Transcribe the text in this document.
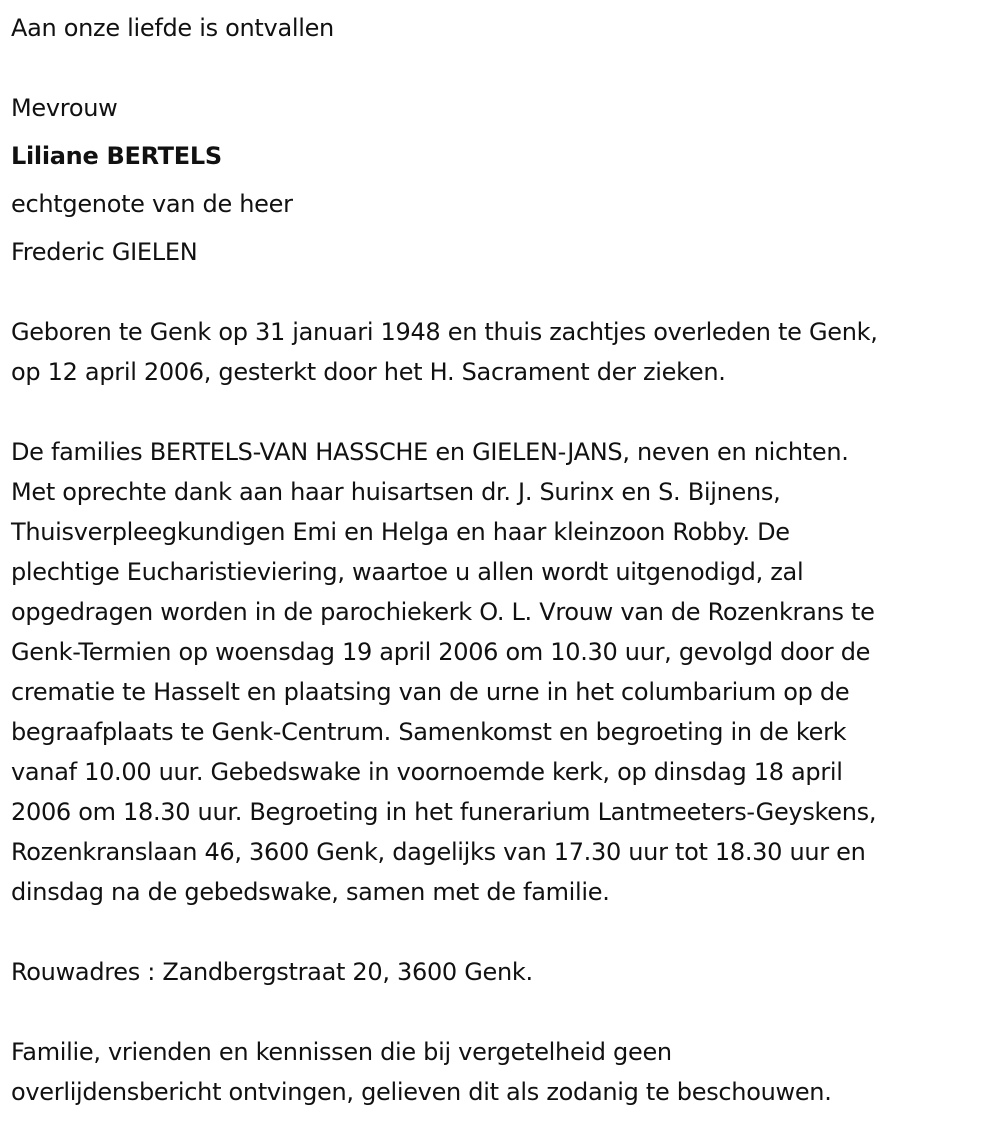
Aan onze liefde is ontvallen

Mevrouw

Liliane BERTELS

echtgenote van de heer

Frederic GIELEN

Geboren te Genk op 31 januari 1948 en thuis zachtjes overleden te Genk,
op 12 april 2006, gesterkt door het H. Sacrament der zieken.
De families BERTELS-VAN HASSCHE en GIELEN-JANS, neven en nichten.
Met oprechte dank aan haar huisartsen dr. J. Surinx en S. Bijnens,
Thuisverpleegkundigen Emi en Helga en haar kleinzoon Robby. De
plechtige Eucharistieviering, waartoe u allen wordt uitgenodigd, zal
opgedragen worden in de parochiekerk O. L. Vrouw van de Rozenkrans te
Genk-Termien op woensdag 19 april 2006 om 10.30 uur, gevolgd door de
crematie te Hasselt en plaatsing van de urne in het columbarium op de
begraafplaats te Genk-Centrum. Samenkomst en begroeting in de kerk
vanaf 10.00 uur. Gebedswake in voornoemde kerk, op dinsdag 18 april
2006 om 18.30 uur. Begroeting in het funerarium Lantmeeters-Geyskens,
Rozenkranslaan 46, 3600 Genk, dagelijks van 17.30 uur tot 18.30 uur en
dinsdag na de gebedswake, samen met de familie.

Rouwadres : Zandbergstraat 20, 3600 Genk.

Familie, vrienden en kennissen die bij vergetelheid geen
overlijdensbericht ontvingen, gelieven dit als zodanig te beschouwen.
